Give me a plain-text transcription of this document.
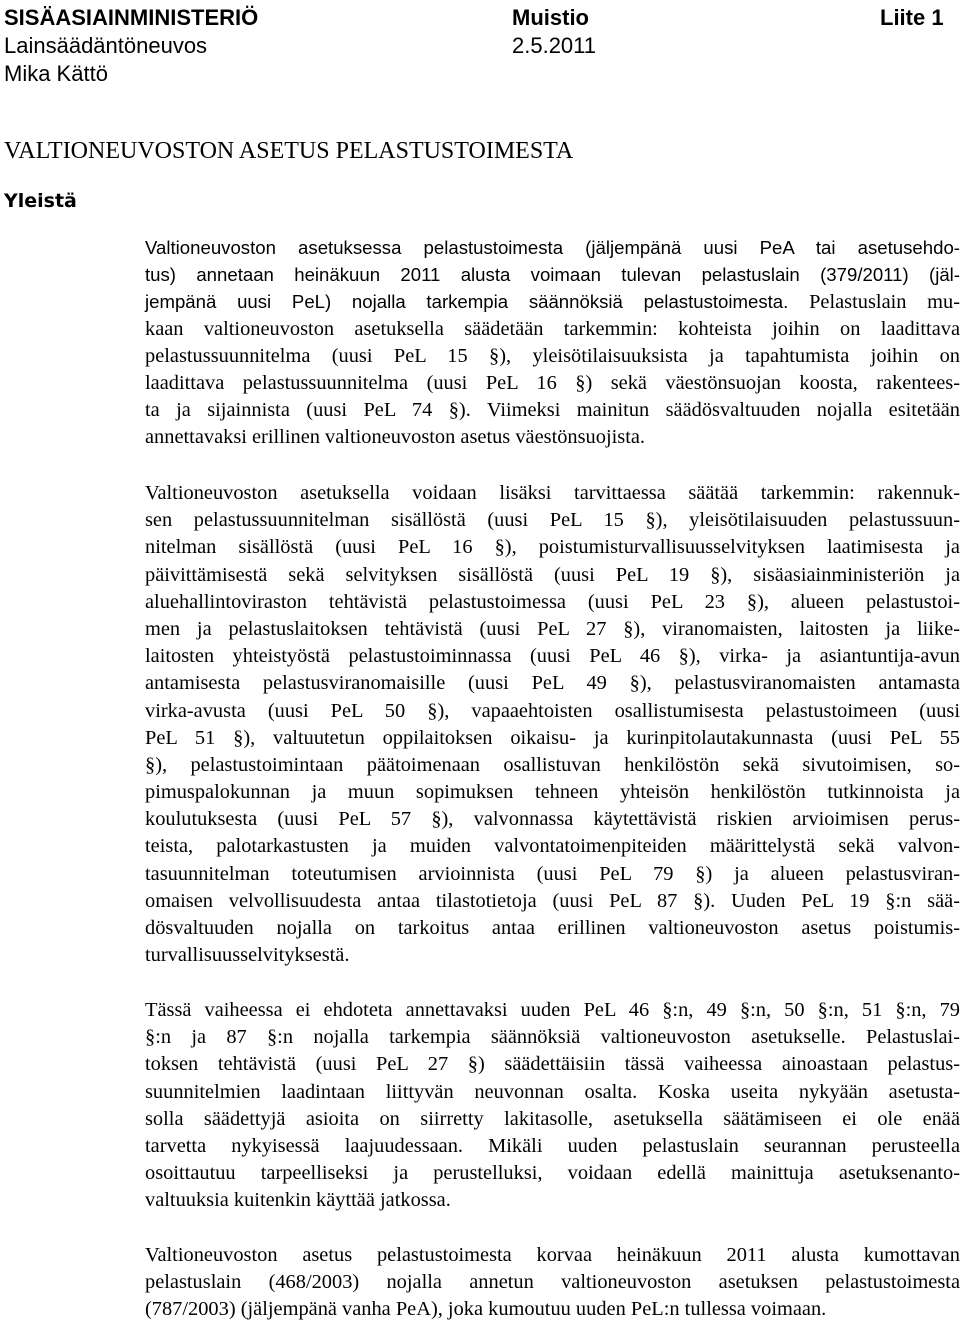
SISÄASIAINMINISTERIÖ	Muistio	Liite 1
Lainsäädäntöneuvos	2.5.2011
Mika Kättö
VALTIONEUVOSTON ASETUS PELASTUSTOIMESTA
Yleistä
Valtioneuvoston asetuksessa pelastustoimesta (jäljempänä uusi PeA tai asetusehdo-
tus) annetaan heinäkuun 2011 alusta voimaan tulevan pelastuslain (379/2011) (jäl-
jempänä uusi PeL) nojalla tarkempia säännöksiä pelastustoimesta. Pelastuslain mu-
kaan valtioneuvoston asetuksella säädetään tarkemmin: kohteista joihin on laadittava
pelastussuunnitelma (uusi PeL 15 §), yleisötilaisuuksista ja tapahtumista joihin on
laadittava pelastussuunnitelma (uusi PeL 16 §) sekä väestönsuojan koosta, rakentees-
ta ja sijainnista (uusi PeL 74 §). Viimeksi mainitun säädösvaltuuden nojalla esitetään
annettavaksi erillinen valtioneuvoston asetus väestönsuojista.
Valtioneuvoston asetuksella voidaan lisäksi tarvittaessa säätää tarkemmin: rakennuk-
sen pelastussuunnitelman sisällöstä (uusi PeL 15 §), yleisötilaisuuden pelastussuun-
nitelman sisällöstä (uusi PeL 16 §), poistumisturvallisuusselvityksen laatimisesta ja
päivittämisestä sekä selvityksen sisällöstä (uusi PeL 19 §), sisäasiainministeriön ja
aluehallintoviraston tehtävistä pelastustoimessa (uusi PeL 23 §), alueen pelastustoi-
men ja pelastuslaitoksen tehtävistä (uusi PeL 27 §), viranomaisten, laitosten ja liike-
laitosten yhteistyöstä pelastustoiminnassa (uusi PeL 46 §), virka- ja asiantuntija-avun
antamisesta pelastusviranomaisille (uusi PeL 49 §), pelastusviranomaisten antamasta
virka-avusta (uusi PeL 50 §), vapaaehtoisten osallistumisesta pelastustoimeen (uusi
PeL 51 §), valtuutetun oppilaitoksen oikaisu- ja kurinpitolautakunnasta (uusi PeL 55
§), pelastustoimintaan päätoimenaan osallistuvan henkilöstön sekä sivutoimisen, so-
pimuspalokunnan ja muun sopimuksen tehneen yhteisön henkilöstön tutkinnoista ja
koulutuksesta (uusi PeL 57 §), valvonnassa käytettävistä riskien arvioimisen perus-
teista, palotarkastusten ja muiden valvontatoimenpiteiden määrittelystä sekä valvon-
tasuunnitelman toteutumisen arvioinnista (uusi PeL 79 §) ja alueen pelastusviran-
omaisen velvollisuudesta antaa tilastotietoja (uusi PeL 87 §). Uuden PeL 19 §:n sää-
dösvaltuuden nojalla on tarkoitus antaa erillinen valtioneuvoston asetus poistumis-
turvallisuusselvityksestä.
Tässä vaiheessa ei ehdoteta annettavaksi uuden PeL 46 §:n, 49 §:n, 50 §:n, 51 §:n, 79
§:n ja 87 §:n nojalla tarkempia säännöksiä valtioneuvoston asetukselle. Pelastuslai-
toksen tehtävistä (uusi PeL 27 §) säädettäisiin tässä vaiheessa ainoastaan pelastus-
suunnitelmien laadintaan liittyvän neuvonnan osalta. Koska useita nykyään asetusta-
solla säädettyjä asioita on siirretty lakitasolle, asetuksella säätämiseen ei ole enää
tarvetta nykyisessä laajuudessaan. Mikäli uuden pelastuslain seurannan perusteella
osoittautuu tarpeelliseksi ja perustelluksi, voidaan edellä mainittuja asetuksenanto-
valtuuksia kuitenkin käyttää jatkossa.
Valtioneuvoston asetus pelastustoimesta korvaa heinäkuun 2011 alusta kumottavan
pelastuslain (468/2003) nojalla annetun valtioneuvoston asetuksen pelastustoimesta
(787/2003) (jäljempänä vanha PeA), joka kumoutuu uuden PeL:n tullessa voimaan.
